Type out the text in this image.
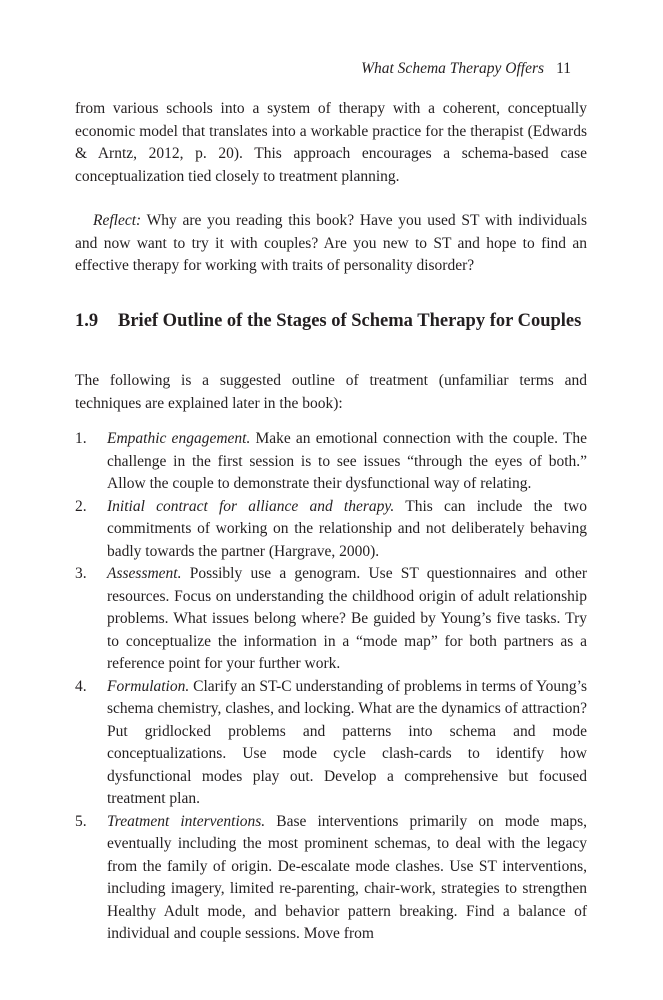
What Schema Therapy Offers 11

from various schools into a system of therapy with a coherent, conceptually economic model that translates into a workable practice for the therapist (Edwards & Arntz, 2012, p. 20). This approach encourages a schema-based case conceptualization tied closely to treatment planning.

Reflect: Why are you reading this book? Have you used ST with individuals and now want to try it with couples? Are you new to ST and hope to find an effective therapy for working with traits of personality disorder?

1.9	Brief Outline of the Stages of Schema Therapy for Couples

The following is a suggested outline of treatment (unfamiliar terms and techniques are explained later in the book):

1. Empathic engagement. Make an emotional connection with the couple. The challenge in the first session is to see issues “through the eyes of both.” Allow the couple to demonstrate their dysfunctional way of relating.
2. Initial contract for alliance and therapy. This can include the two commitments of working on the relationship and not deliberately behaving badly towards the partner (Hargrave, 2000).
3. Assessment. Possibly use a genogram. Use ST questionnaires and other resources. Focus on understanding the childhood origin of adult relationship problems. What issues belong where? Be guided by Young’s five tasks. Try to conceptualize the information in a “mode map” for both partners as a reference point for your further work.
4. Formulation. Clarify an ST-C understanding of problems in terms of Young’s schema chemistry, clashes, and locking. What are the dynamics of attraction? Put gridlocked problems and patterns into schema and mode conceptualizations. Use mode cycle clash-cards to identify how dysfunctional modes play out. Develop a comprehensive but focused treatment plan.
5. Treatment interventions. Base interventions primarily on mode maps, eventually including the most prominent schemas, to deal with the legacy from the family of origin. De-escalate mode clashes. Use ST interventions, including imagery, limited re-parenting, chair-work, strategies to strengthen Healthy Adult mode, and behavior pattern breaking. Find a balance of individual and couple sessions. Move from
